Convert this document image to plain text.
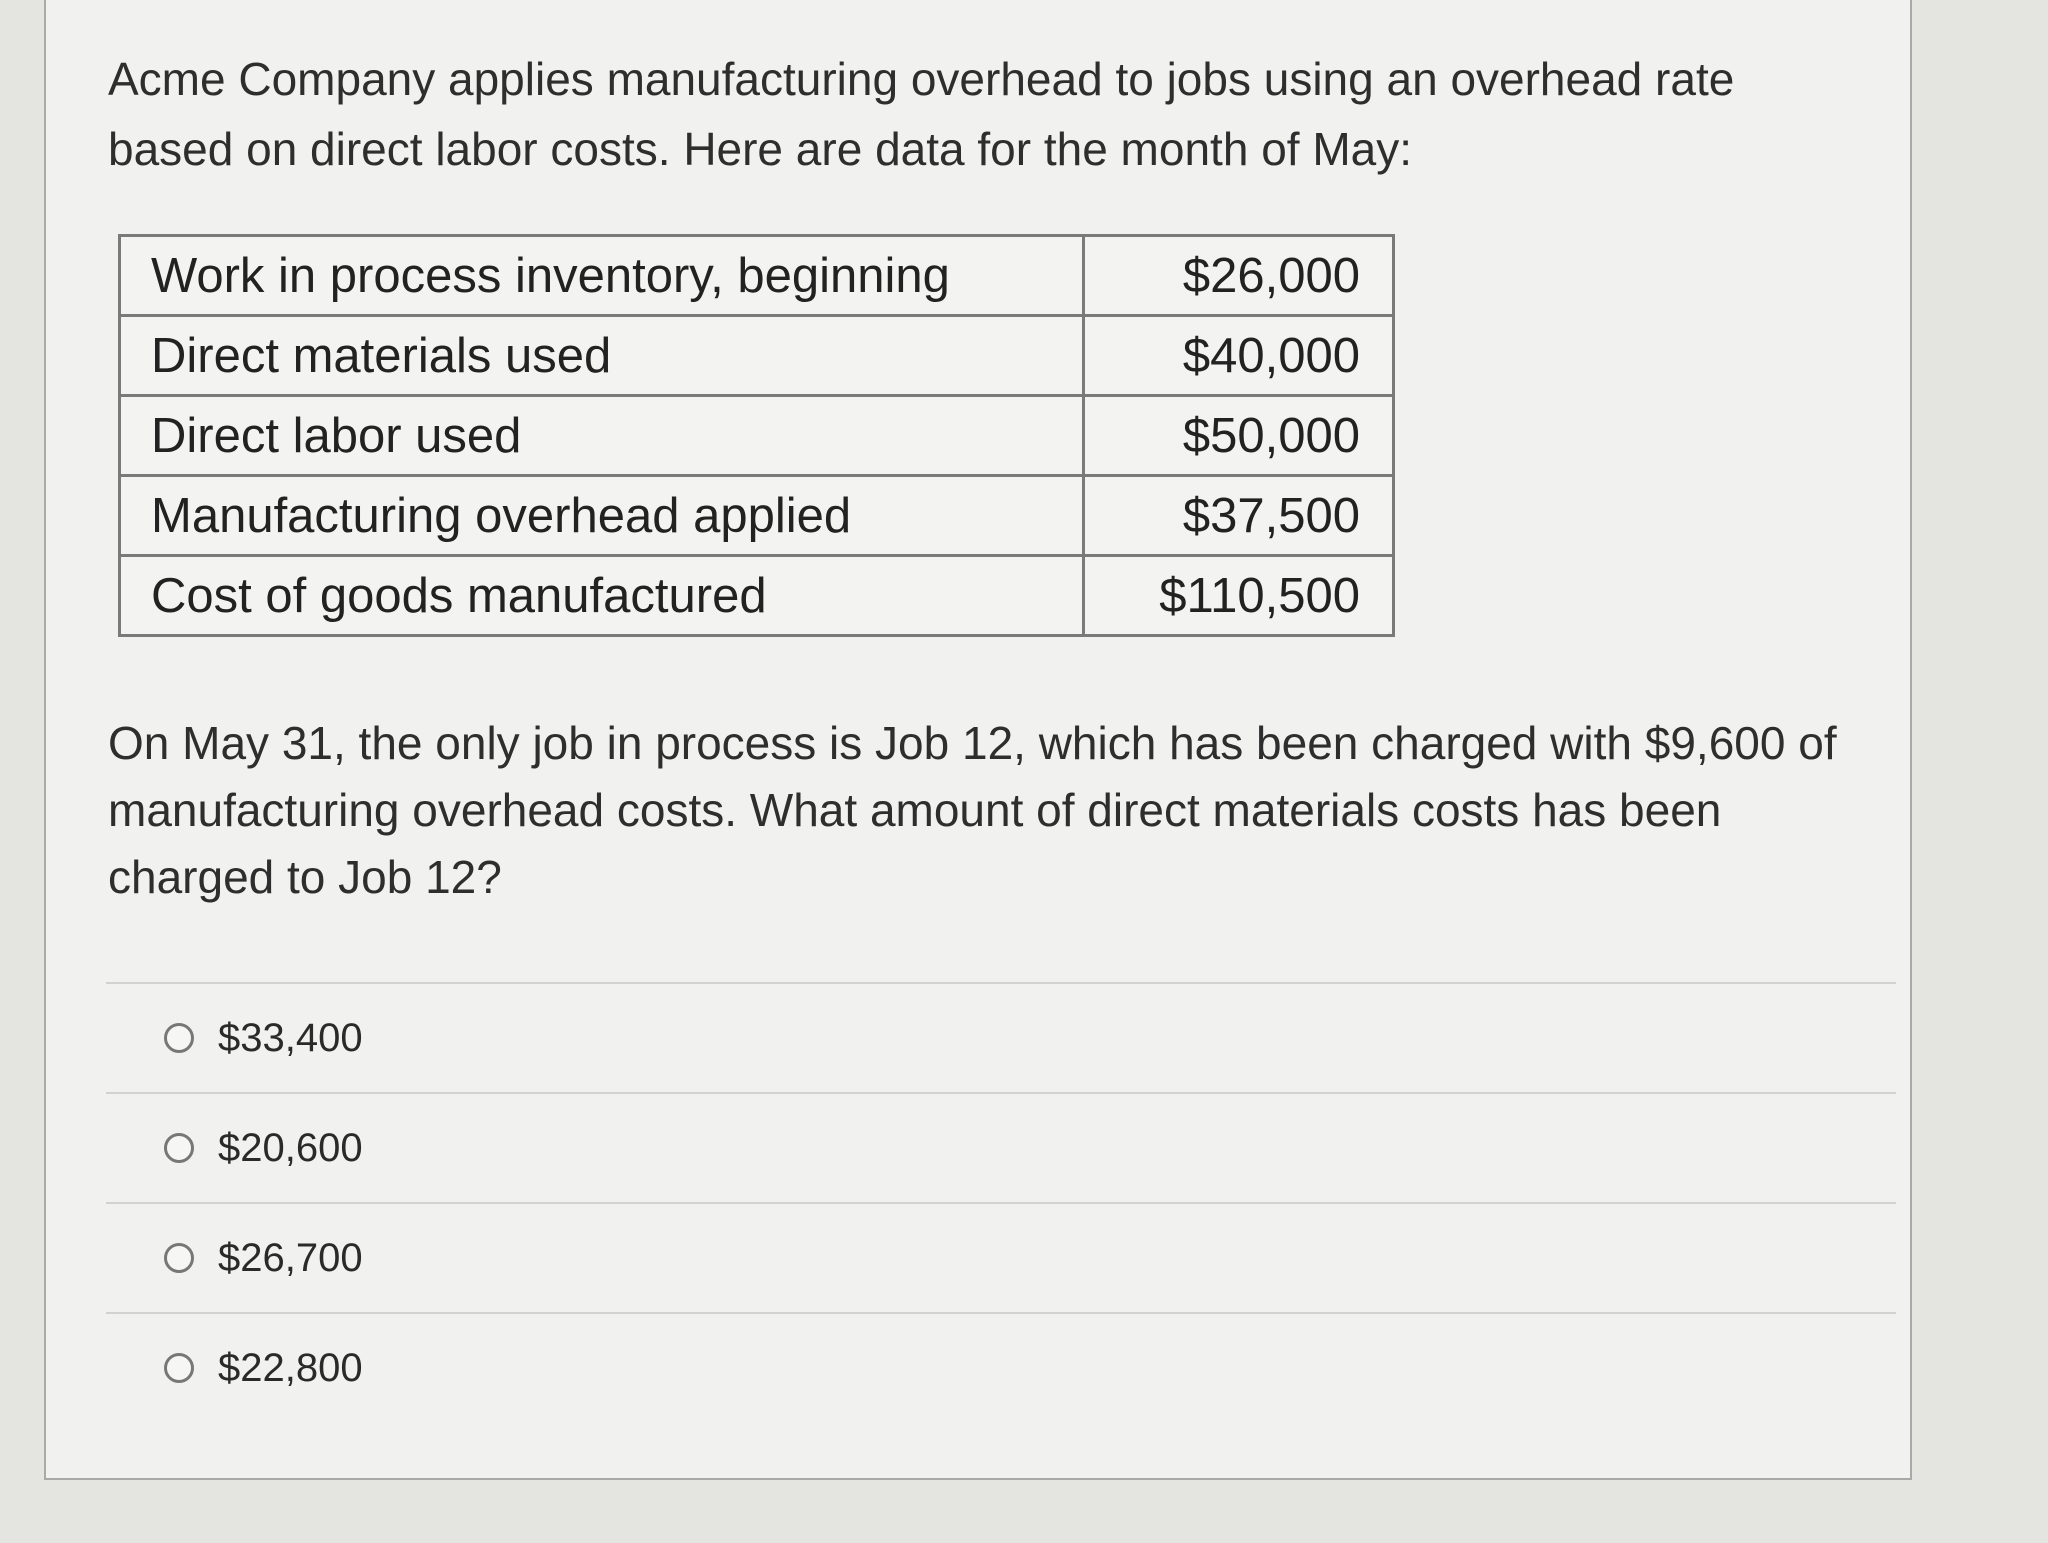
Acme Company applies manufacturing overhead to jobs using an overhead rate based on direct labor costs. Here are data for the month of May:
Work in process inventory, beginning	$26,000
Direct materials used	$40,000
Direct labor used	$50,000
Manufacturing overhead applied	$37,500
Cost of goods manufactured	$110,500
On May 31, the only job in process is Job 12, which has been charged with $9,600 of manufacturing overhead costs. What amount of direct materials costs has been charged to Job 12?
$33,400
$20,600
$26,700
$22,800
